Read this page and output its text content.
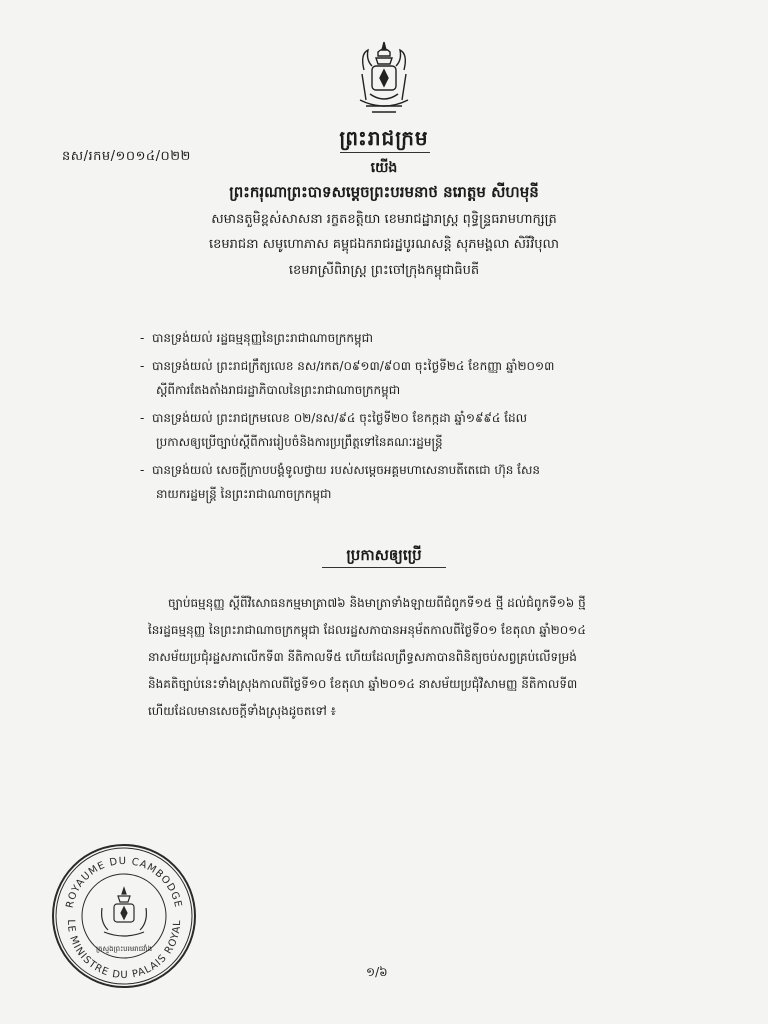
នស/រកម/១០១៤/០២២
ព្រះរាជក្រម
យើង
ព្រះករុណាព្រះបាទសម្តេចព្រះបរមនាថ នរោត្តម សីហមុនី
សមានតួមិខ្ពស់សាសនា រក្ខតខត្តិយា ខេមរាជដ្ឋារាស្ត្រ ពុទ្ធិន្ទ្រធរាមហាក្សត្រ
ខេមរាជនា សមូហោភាស គម្ពុជឯករាជរដ្ឋបូរណសន្តិ សុភមង្គលា សិរីវិបុលា
ខេមរាស្រីពិរាស្ត្រ ព្រះចៅក្រុងកម្ពុជាធិបតី
- បានទ្រង់យល់ រដ្ឋធម្មនុញ្ញនៃព្រះរាជាណាចក្រកម្ពុជា
- បានទ្រង់យល់ ព្រះរាជក្រឹត្យលេខ នស/រកត/០៩១៣/៩០៣ ចុះថ្ងៃទី២៤ ខែកញ្ញា ឆ្នាំ២០១៣
ស្តីពីការតែងតាំងរាជរដ្ឋាភិបាលនៃព្រះរាជាណាចក្រកម្ពុជា
- បានទ្រង់យល់ ព្រះរាជក្រមលេខ ០២/នស/៩៤ ចុះថ្ងៃទី២០ ខែកក្កដា ឆ្នាំ១៩៩៤ ដែល
ប្រកាសឲ្យប្រើច្បាប់ស្តីពីការរៀបចំនិងការប្រព្រឹត្តទៅនៃគណៈរដ្ឋមន្ត្រី
- បានទ្រង់យល់ សេចក្តីក្រាបបង្គំទូលថ្វាយ របស់សម្តេចអគ្គមហាសេនាបតីតេជោ ហ៊ុន សែន
នាយករដ្ឋមន្ត្រី នៃព្រះរាជាណាចក្រកម្ពុជា
ប្រកាសឲ្យប្រើ
ច្បាប់ធម្មនុញ្ញ ស្តីពីវិសោធនកម្មមាត្រា៧៦ និងមាត្រាទាំងឡាយពីជំពូកទី១៥ ថ្មី ដល់ជំពូកទី១៦ ថ្មី
នៃរដ្ឋធម្មនុញ្ញ នៃព្រះរាជាណាចក្រកម្ពុជា ដែលរដ្ឋសភាបានអនុម័តកាលពីថ្ងៃទី០១ ខែតុលា ឆ្នាំ២០១៤
នាសម័យប្រជុំរដ្ឋសភាលើកទី៣ នីតិកាលទី៥ ហើយដែលព្រឹទ្ធសភាបានពិនិត្យចប់សព្វគ្រប់លើទម្រង់
និងគតិច្បាប់នេះទាំងស្រុងកាលពីថ្ងៃទី១០ ខែតុលា ឆ្នាំ២០១៤ នាសម័យប្រជុំវិសាមញ្ញ នីតិកាលទី៣
ហើយដែលមានសេចក្តីទាំងស្រុងដូចតទៅ ៖
ROYAUME DU CAMBODGE
LE MINISTRE DU PALAIS ROYAL
ក្រសួងព្រះបរមរាជវាំង
១/៦
